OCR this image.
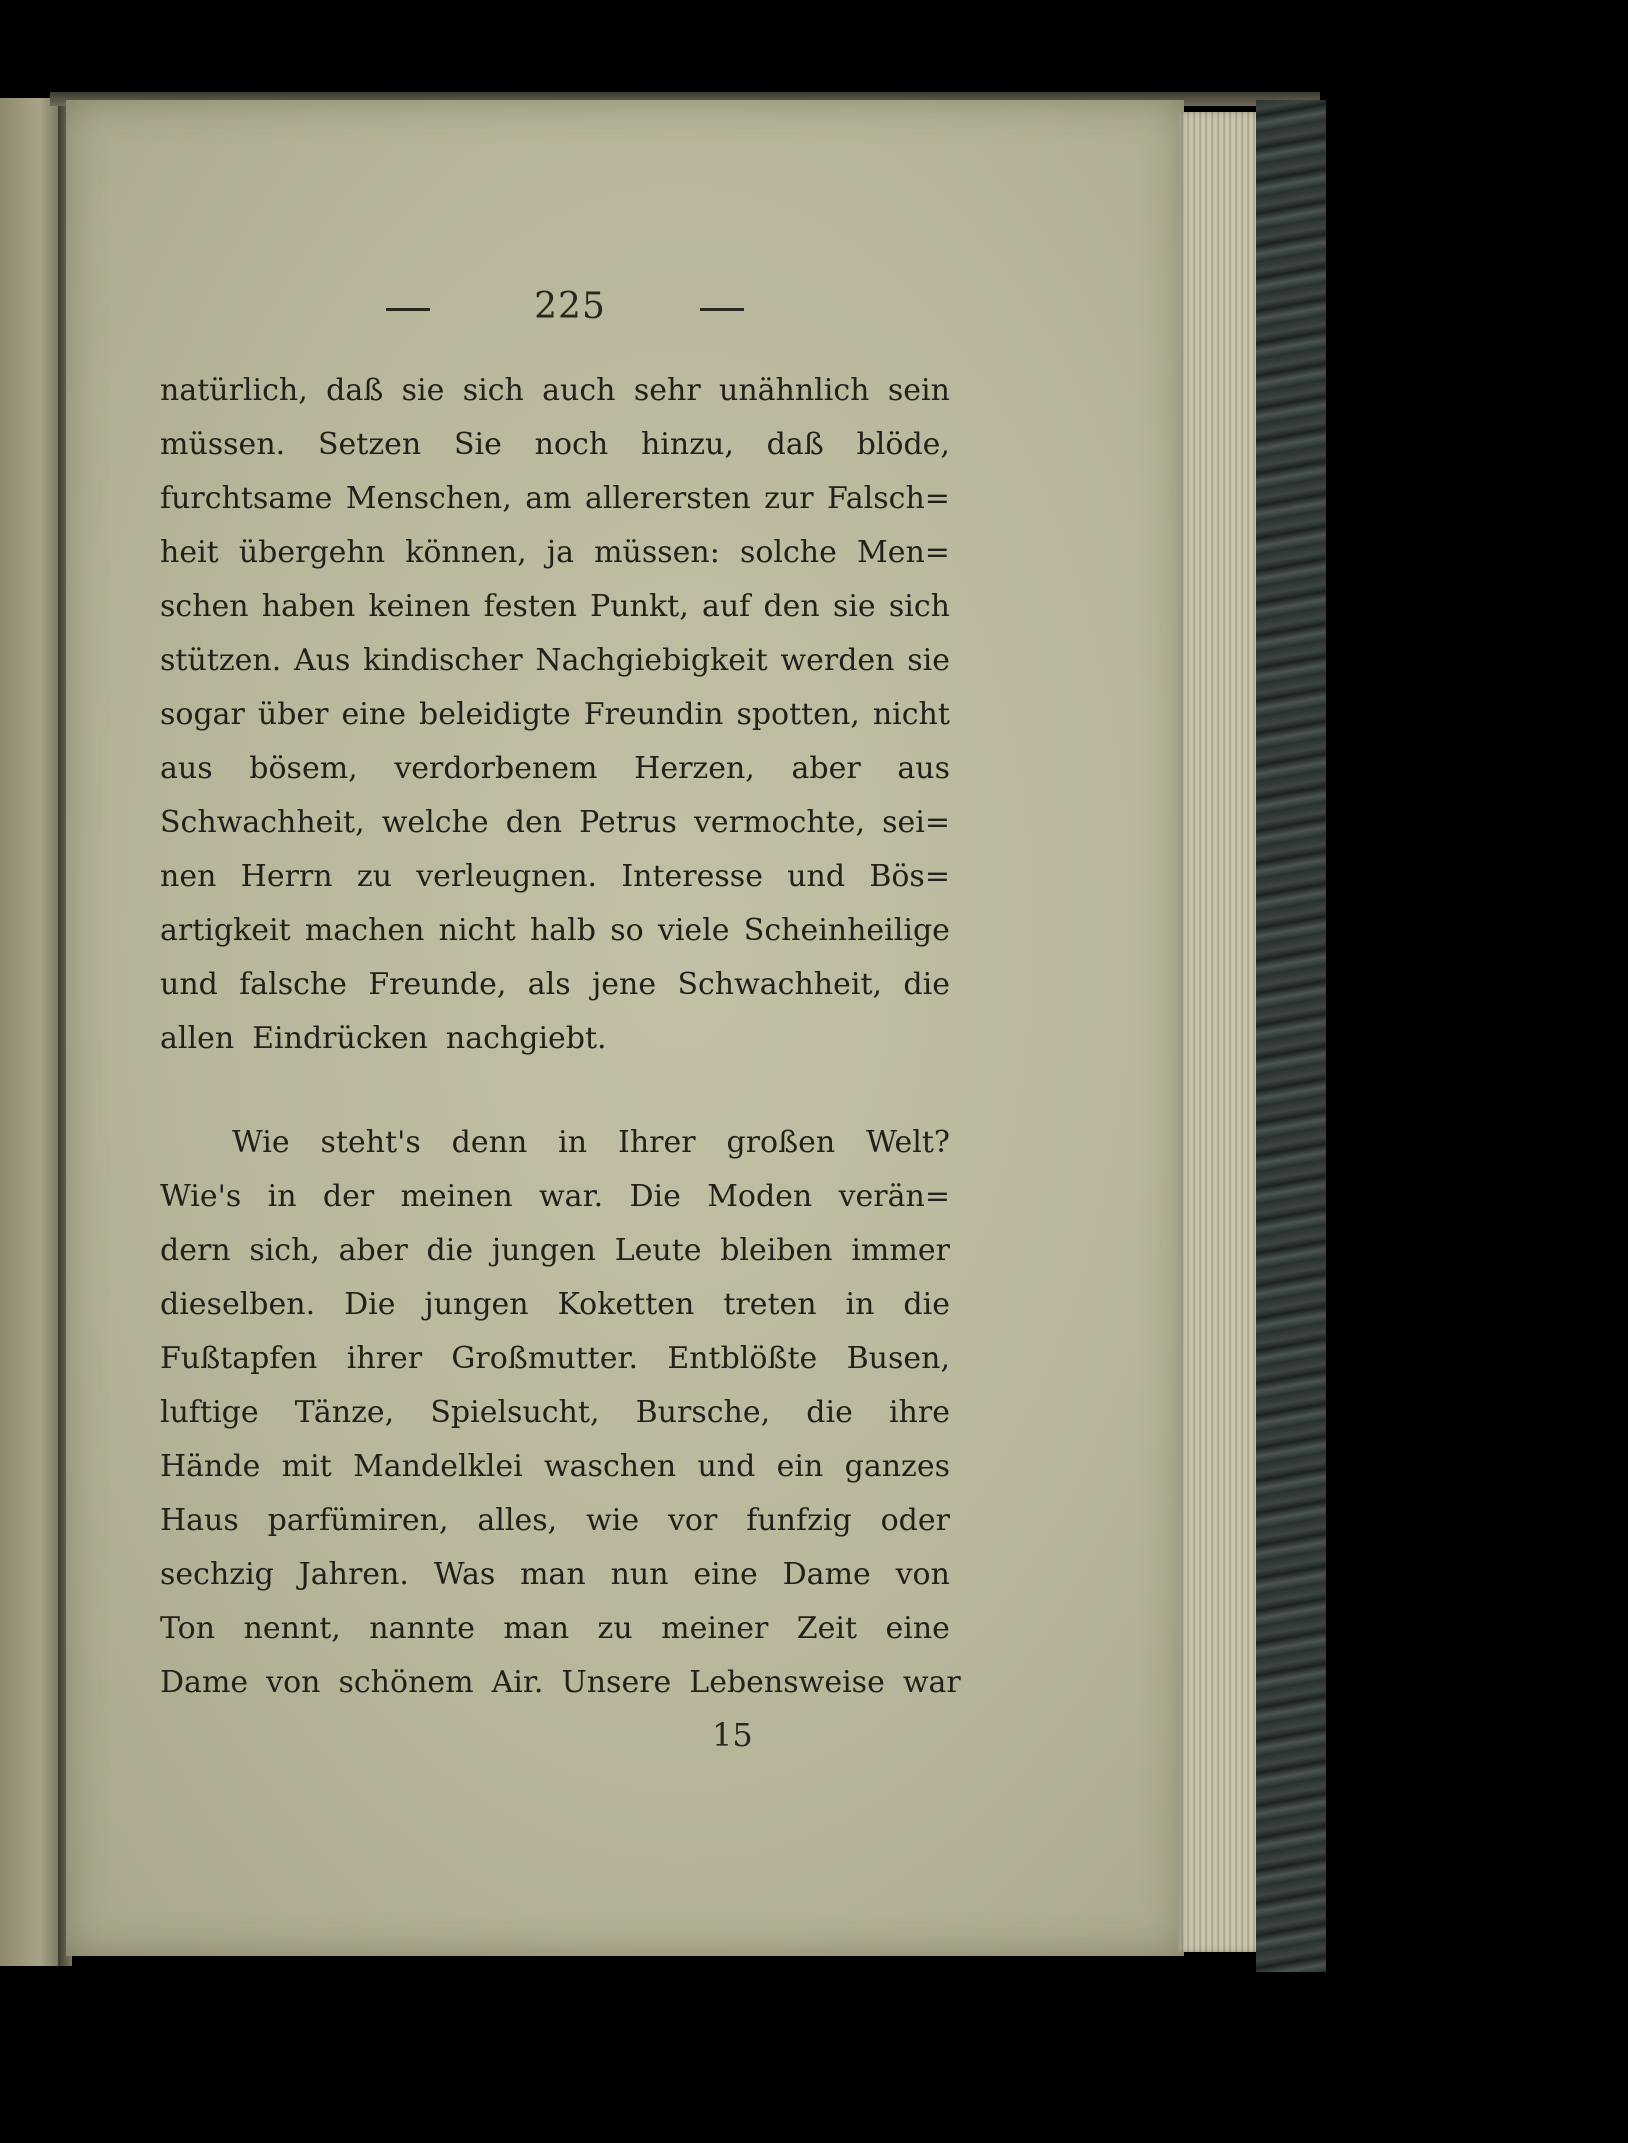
225
natürlich, daß sie sich auch sehr unähnlich sein
müssen. Setzen Sie noch hinzu, daß blöde,
furchtsame Menschen, am allerersten zur Falsch=
heit übergehn können, ja müssen: solche Men=
schen haben keinen festen Punkt, auf den sie sich
stützen. Aus kindischer Nachgiebigkeit werden sie
sogar über eine beleidigte Freundin spotten, nicht
aus bösem, verdorbenem Herzen, aber aus
Schwachheit, welche den Petrus vermochte, sei=
nen Herrn zu verleugnen. Interesse und Bös=
artigkeit machen nicht halb so viele Scheinheilige
und falsche Freunde, als jene Schwachheit, die
allen Eindrücken nachgiebt.
Wie steht's denn in Ihrer großen Welt?
Wie's in der meinen war. Die Moden verän=
dern sich, aber die jungen Leute bleiben immer
dieselben. Die jungen Koketten treten in die
Fußtapfen ihrer Großmutter. Entblößte Busen,
luftige Tänze, Spielsucht, Bursche, die ihre
Hände mit Mandelklei waschen und ein ganzes
Haus parfümiren, alles, wie vor funfzig oder
sechzig Jahren. Was man nun eine Dame von
Ton nennt, nannte man zu meiner Zeit eine
Dame von schönem Air. Unsere Lebensweise war
15
